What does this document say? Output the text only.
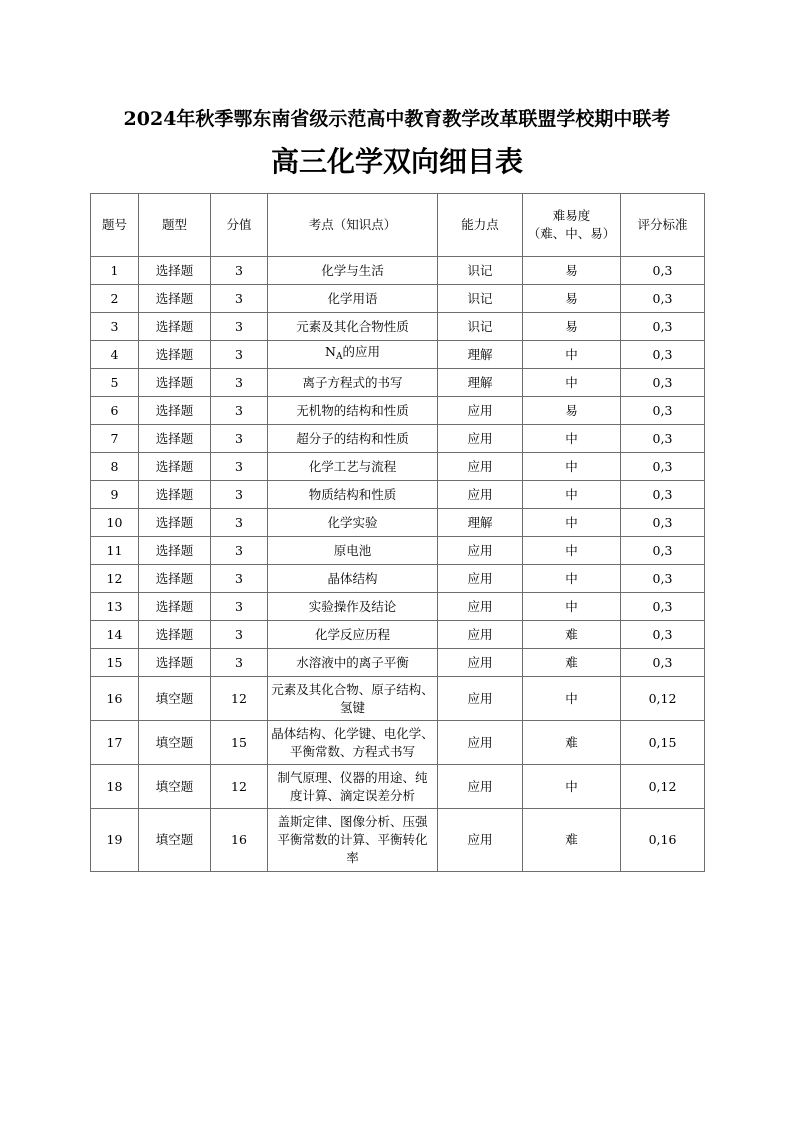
2024年秋季鄂东南省级示范高中教育教学改革联盟学校期中联考
高三化学双向细目表
题号	题型	分值	考点（知识点）	能力点	难易度
（难、中、易）	评分标准
1	选择题	3	化学与生活	识记	易	0,3
2	选择题	3	化学用语	识记	易	0,3
3	选择题	3	元素及其化合物性质	识记	易	0,3
4	选择题	3	$N_A$的应用	理解	中	0,3
5	选择题	3	离子方程式的书写	理解	中	0,3
6	选择题	3	无机物的结构和性质	应用	易	0,3
7	选择题	3	超分子的结构和性质	应用	中	0,3
8	选择题	3	化学工艺与流程	应用	中	0,3
9	选择题	3	物质结构和性质	应用	中	0,3
10	选择题	3	化学实验	理解	中	0,3
11	选择题	3	原电池	应用	中	0,3
12	选择题	3	晶体结构	应用	中	0,3
13	选择题	3	实验操作及结论	应用	中	0,3
14	选择题	3	化学反应历程	应用	难	0,3
15	选择题	3	水溶液中的离子平衡	应用	难	0,3
16	填空题	12	元素及其化合物、原子结构、
氢键	应用	中	0,12
17	填空题	15	晶体结构、化学键、电化学、
平衡常数、方程式书写	应用	难	0,15
18	填空题	12	制气原理、仪器的用途、纯
度计算、滴定误差分析	应用	中	0,12
19	填空题	16	盖斯定律、图像分析、压强
平衡常数的计算、平衡转化
率	应用	难	0,16
